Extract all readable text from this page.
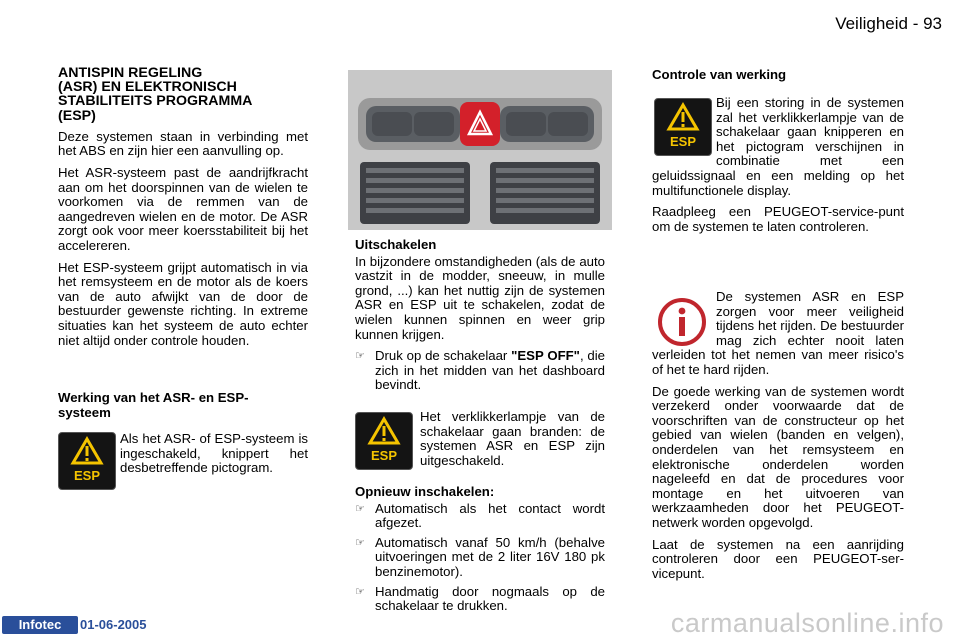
Veiligheid - 93
ANTISPIN REGELING
(ASR) EN ELEKTRONISCH
STABILITEITS PROGRAMMA
(ESP)

Deze systemen staan in verbinding met het ABS en zijn hier een aanvulling op.

Het ASR-systeem past de aandrijfkracht aan om het doorspinnen van de wielen te voorkomen via de remmen van de aangedreven wielen en de motor. De ASR zorgt ook voor meer koersstabiliteit bij het accelereren.

Het ESP-systeem grijpt automatisch in via het remsysteem en de motor als de koers van de auto afwijkt van de door de bestuurder gewenste richting. In extreme situaties kan het systeem de auto echter niet altijd onder controle houden.

Werking van het ASR- en ESP-systeem
ESP

Als het ASR- of ESP-systeem is ingeschakeld, knippert het desbetreffende pictogram.

Uitschakelen

In bijzondere omstandigheden (als de auto vastzit in de modder, sneeuw, in mulle grond, ...) kan het nuttig zijn de systemen ASR en ESP uit te schakelen, zodat de wielen kunnen spinnen en weer grip kunnen krijgen.

☞ Druk op de schakelaar "ESP OFF", die zich in het midden van het dashboard bevindt.
ESP

Het verklikkerlampje van de schakelaar gaan branden: de systemen ASR en ESP zijn uitgeschakeld.

Opnieuw inschakelen:
☞ Automatisch als het contact wordt afgezet.
☞ Automatisch vanaf 50 km/h (behalve uitvoeringen met de 2 liter 16V 180 pk benzinemotor).
☞ Handmatig door nogmaals op de schakelaar te drukken.
Controle van werking
ESP

Bij een storing in de systemen zal het verklikkerlampje van de schakelaar gaan knipperen en het pictogram verschijnen in combinatie met een geluidssignaal en een melding op het multifunctionele display.

Raadpleeg een PEUGEOT-service-punt om de systemen te laten controleren.

De systemen ASR en ESP zorgen voor meer veiligheid tijdens het rijden. De bestuurder mag zich echter nooit laten verleiden tot het nemen van meer risico's of het te hard rijden.

De goede werking van de systemen wordt verzekerd onder voorwaarde dat de voorschriften van de constructeur op het gebied van wielen (banden en velgen), onderdelen van het remsysteem en elektronische onderdelen worden nageleefd en dat de procedures voor montage en het uitvoeren van werkzaamheden door het PEUGEOT-netwerk worden opgevolgd.

Laat de systemen na een aanrijding controleren door een PEUGEOT-ser-vicepunt.

Infotec	01-06-2005	carmanualsonline.info
